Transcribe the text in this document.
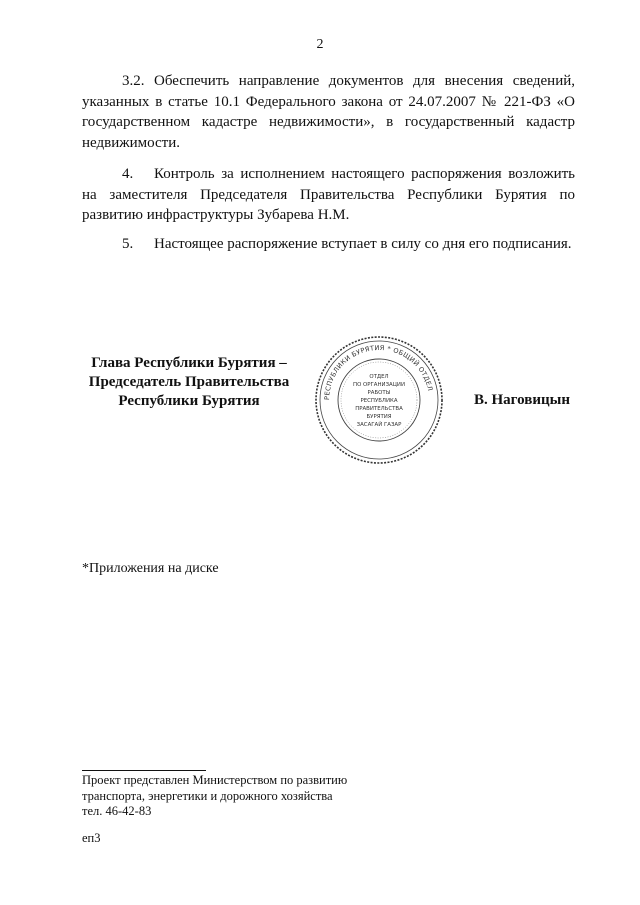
2
3.2. Обеспечить направление документов для внесения сведений, указанных в статье 10.1 Федерального закона от 24.07.2007 № 221-ФЗ «О государственном кадастре недвижимости», в государственный кадастр недвижимости.
4. Контроль за исполнением настоящего распоряжения возложить на заместителя Председателя Правительства Республики Бурятия по развитию инфраструктуры Зубарева Н.М.
5. Настоящее распоряжение вступает в силу со дня его подписания.
Глава Республики Бурятия –
Председатель Правительства
Республики Бурятия	РЕСПУБЛИКИ БУРЯТИЯ * ОБЩИЙ ОТДЕЛ
ОТДЕЛ
ПО ОРГАНИЗАЦИИ
РАБОТЫ
РЕСПУБЛИКА
ПРАВИТЕЛЬСТВА
БУРЯТИЯ
ЗАСАГАЙ ГАЗАР
В. Наговицын
*Приложения на диске
Проект представлен Министерством по развитию
транспорта, энергетики и дорожного хозяйства
тел. 46-42-83
еп3
